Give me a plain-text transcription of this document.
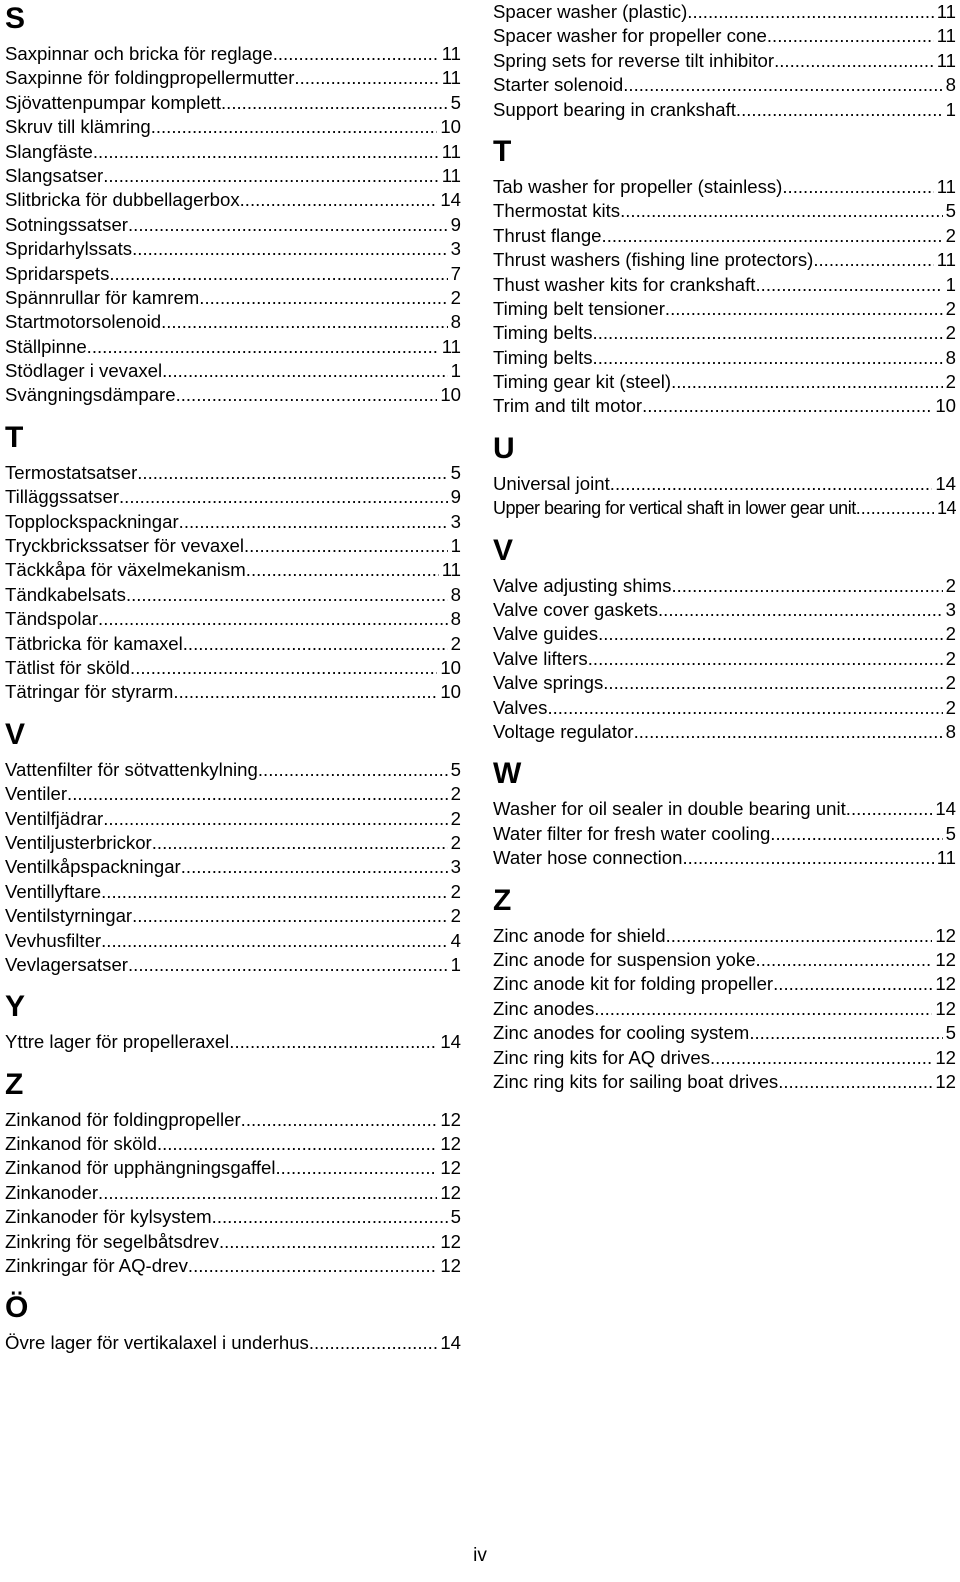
S
Saxpinnar och bricka för reglage .....	11
Saxpinne för foldingpropellermutter .....	11
Sjövattenpumpar komplett .....	5
Skruv till klämring .....	10
Slangfäste .....	11
Slangsatser .....	11
Slitbricka för dubbellagerbox .....	14
Sotningssatser .....	9
Spridarhylssats .....	3
Spridarspets .....	7
Spännrullar för kamrem .....	2
Startmotorsolenoid .....	8
Ställpinne .....	11
Stödlager i vevaxel .....	1
Svängningsdämpare .....	10
T
Termostatsatser .....	5
Tilläggssatser .....	9
Topplockspackningar .....	3
Tryckbrickssatser för vevaxel .....	1
Täckkåpa för växelmekanism .....	11
Tändkabelsats .....	8
Tändspolar .....	8
Tätbricka för kamaxel .....	2
Tätlist för sköld .....	10
Tätringar för styrarm .....	10
V
Vattenfilter för sötvattenkylning .....	5
Ventiler .....	2
Ventilfjädrar .....	2
Ventiljusterbrickor .....	2
Ventilkåpspackningar .....	3
Ventillyftare .....	2
Ventilstyrningar .....	2
Vevhusfilter .....	4
Vevlagersatser .....	1
Y
Yttre lager för propelleraxel .....	14
Z
Zinkanod för foldingpropeller .....	12
Zinkanod för sköld .....	12
Zinkanod för upphängningsgaffel .....	12
Zinkanoder .....	12
Zinkanoder för kylsystem .....	5
Zinkring för segelbåtsdrev .....	12
Zinkringar för AQ-drev .....	12
Ö
Övre lager för vertikalaxel i underhus .....	14
Spacer washer (plastic) .....	11
Spacer washer for propeller cone .....	11
Spring sets for reverse tilt inhibitor .....	11
Starter solenoid .....	8
Support bearing in crankshaft .....	1
T
Tab washer for propeller (stainless) .....	11
Thermostat kits .....	5
Thrust flange .....	2
Thrust washers (fishing line protectors) .....	11
Thust washer kits for crankshaft .....	1
Timing belt tensioner .....	2
Timing belts .....	2
Timing belts .....	8
Timing gear kit (steel) .....	2
Trim and tilt motor .....	10
U
Universal joint .....	14
Upper bearing for vertical shaft in lower gear unit .....	14
V
Valve adjusting shims .....	2
Valve cover gaskets .....	3
Valve guides .....	2
Valve lifters .....	2
Valve springs .....	2
Valves .....	2
Voltage regulator .....	8
W
Washer for oil sealer in double bearing unit .....	14
Water filter for fresh water cooling .....	5
Water hose connection .....	11
Z
Zinc anode for shield .....	12
Zinc anode for suspension yoke .....	12
Zinc anode kit for folding propeller .....	12
Zinc anodes .....	12
Zinc anodes for cooling system .....	5
Zinc ring kits for AQ drives .....	12
Zinc ring kits for sailing boat drives .....	12
iv
